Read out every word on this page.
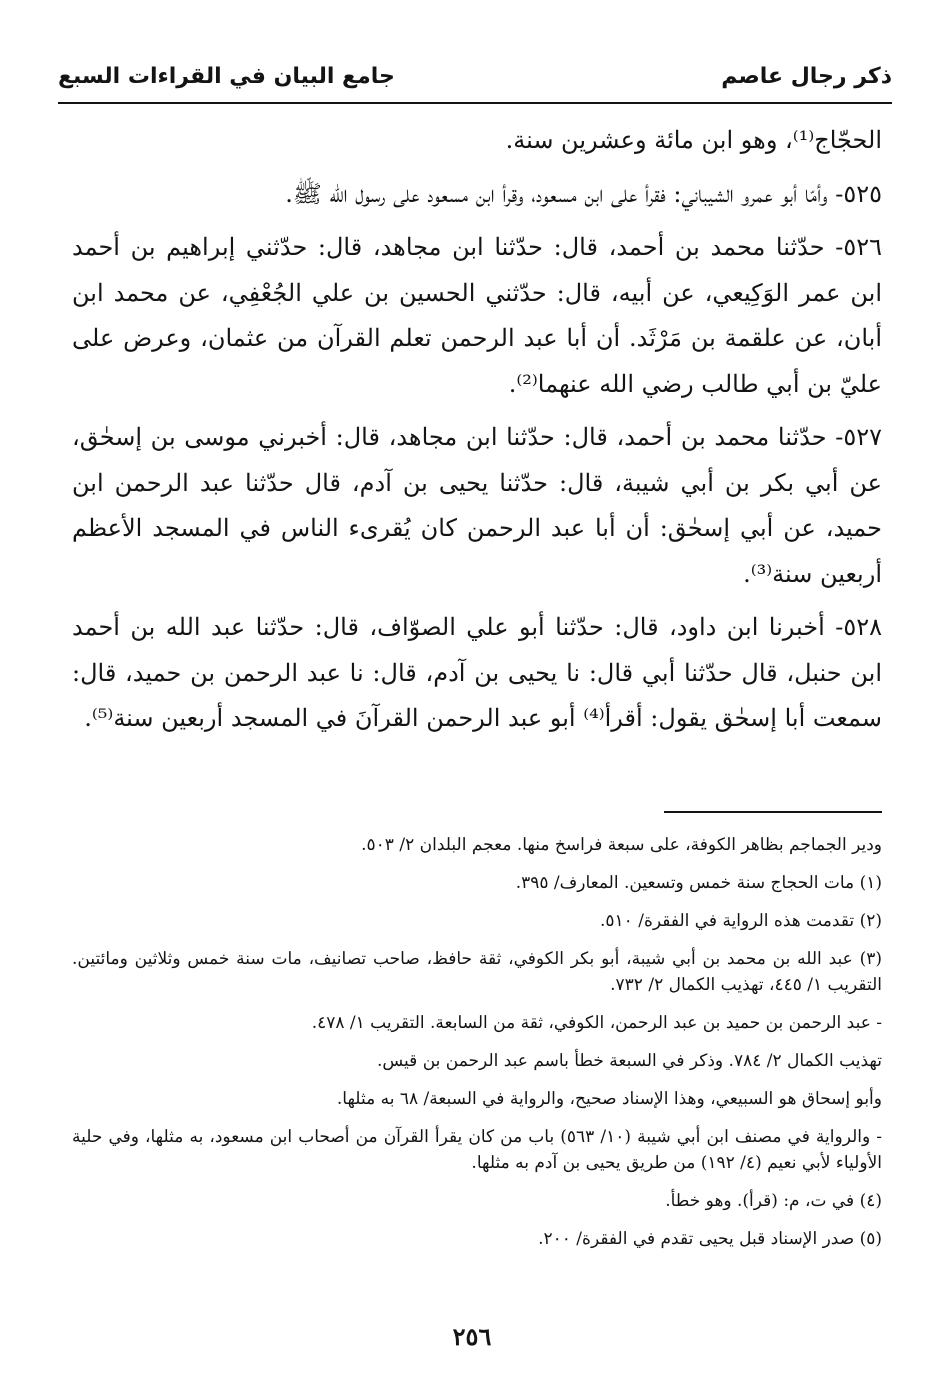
ذكر رجال عاصم
جامع البيان في القراءات السبع

الحجّاج⁽¹⁾، وهو ابن مائة وعشرين سنة.

٥٢٥- وأمّا أبو عمرو الشيباني: فقرأ على ابن مسعود، وقرأ ابن مسعود على رسول الله ﷺ.

٥٢٦- حدّثنا محمد بن أحمد، قال: حدّثنا ابن مجاهد، قال: حدّثني إبراهيم بن أحمد ابن عمر الوَكِيعي، عن أبيه، قال: حدّثني الحسين بن علي الجُعْفِي، عن محمد ابن أبان، عن علقمة بن مَرْثَد. أن أبا عبد الرحمن تعلم القرآن من عثمان، وعرض على عليّ بن أبي طالب رضي الله عنهما⁽²⁾.

٥٢٧- حدّثنا محمد بن أحمد، قال: حدّثنا ابن مجاهد، قال: أخبرني موسى بن إسحٰق، عن أبي بكر بن أبي شيبة، قال: حدّثنا يحيى بن آدم، قال حدّثنا عبد الرحمن ابن حميد، عن أبي إسحٰق: أن أبا عبد الرحمن كان يُقرىء الناس في المسجد الأعظم أربعين سنة⁽³⁾.

٥٢٨- أخبرنا ابن داود، قال: حدّثنا أبو علي الصوّاف، قال: حدّثنا عبد الله بن أحمد ابن حنبل، قال حدّثنا أبي قال: نا يحيى بن آدم، قال: نا عبد الرحمن بن حميد، قال: سمعت أبا إسحٰق يقول: أقرأ⁽⁴⁾ أبو عبد الرحمن القرآنَ في المسجد أربعين سنة⁽⁵⁾.

ودير الجماجم بظاهر الكوفة، على سبعة فراسخ منها. معجم البلدان ٢/ ٥٠٣.

(١) مات الحجاج سنة خمس وتسعين. المعارف/ ٣٩٥.

(٢) تقدمت هذه الرواية في الفقرة/ ٥١٠.

(٣) عبد الله بن محمد بن أبي شيبة، أبو بكر الكوفي، ثقة حافظ، صاحب تصانيف، مات سنة خمس وثلاثين ومائتين. التقريب ١/ ٤٤٥، تهذيب الكمال ٢/ ٧٣٢.

- عبد الرحمن بن حميد بن عبد الرحمن، الكوفي، ثقة من السابعة. التقريب ١/ ٤٧٨.

تهذيب الكمال ٢/ ٧٨٤. وذكر في السبعة خطأ باسم عبد الرحمن بن قيس.

وأبو إسحاق هو السبيعي، وهذا الإسناد صحيح، والرواية في السبعة/ ٦٨ به مثلها.

- والرواية في مصنف ابن أبي شيبة (١٠/ ٥٦٣) باب من كان يقرأ القرآن من أصحاب ابن مسعود، به مثلها، وفي حلية الأولياء لأبي نعيم (٤/ ١٩٢) من طريق يحيى بن آدم به مثلها.

(٤) في ت، م: (قرأ). وهو خطأ.

(٥) صدر الإسناد قبل يحيى تقدم في الفقرة/ ٢٠٠.

٢٥٦
